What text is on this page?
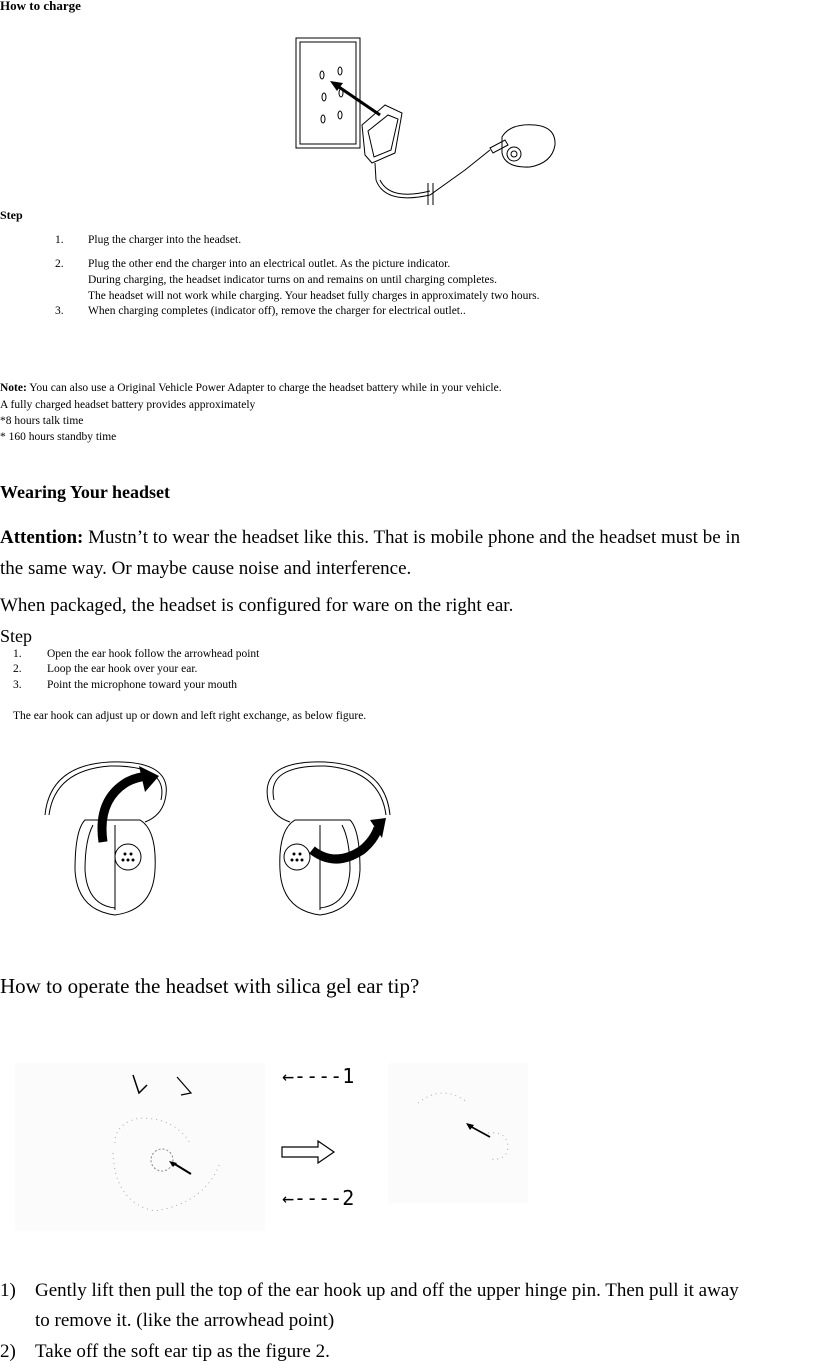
How to charge
Step
1. Plug the charger into the headset.
2. Plug the other end the charger into an electrical outlet. As the picture indicator.
During charging, the headset indicator turns on and remains on until charging completes.
The headset will not work while charging. Your headset fully charges in approximately two hours.
3. When charging completes (indicator off), remove the charger for electrical outlet..
Note: You can also use a Original Vehicle Power Adapter to charge the headset battery while in your vehicle.
A fully charged headset battery provides approximately
*8 hours talk time
* 160 hours standby time
Wearing Your headset
Attention: Mustn’t to wear the headset like this. That is mobile phone and the headset must be in
the same way. Or maybe cause noise and interference.
When packaged, the headset is configured for ware on the right ear.
Step
1. Open the ear hook follow the arrowhead point
2. Loop the ear hook over your ear.
3. Point the microphone toward your mouth
The ear hook can adjust up or down and left right exchange, as below figure.
How to operate the headset with silica gel ear tip?
←----1
←----2
1) Gently lift then pull the top of the ear hook up and off the upper hinge pin. Then pull it away
to remove it. (like the arrowhead point)
2) Take off the soft ear tip as the figure 2.
